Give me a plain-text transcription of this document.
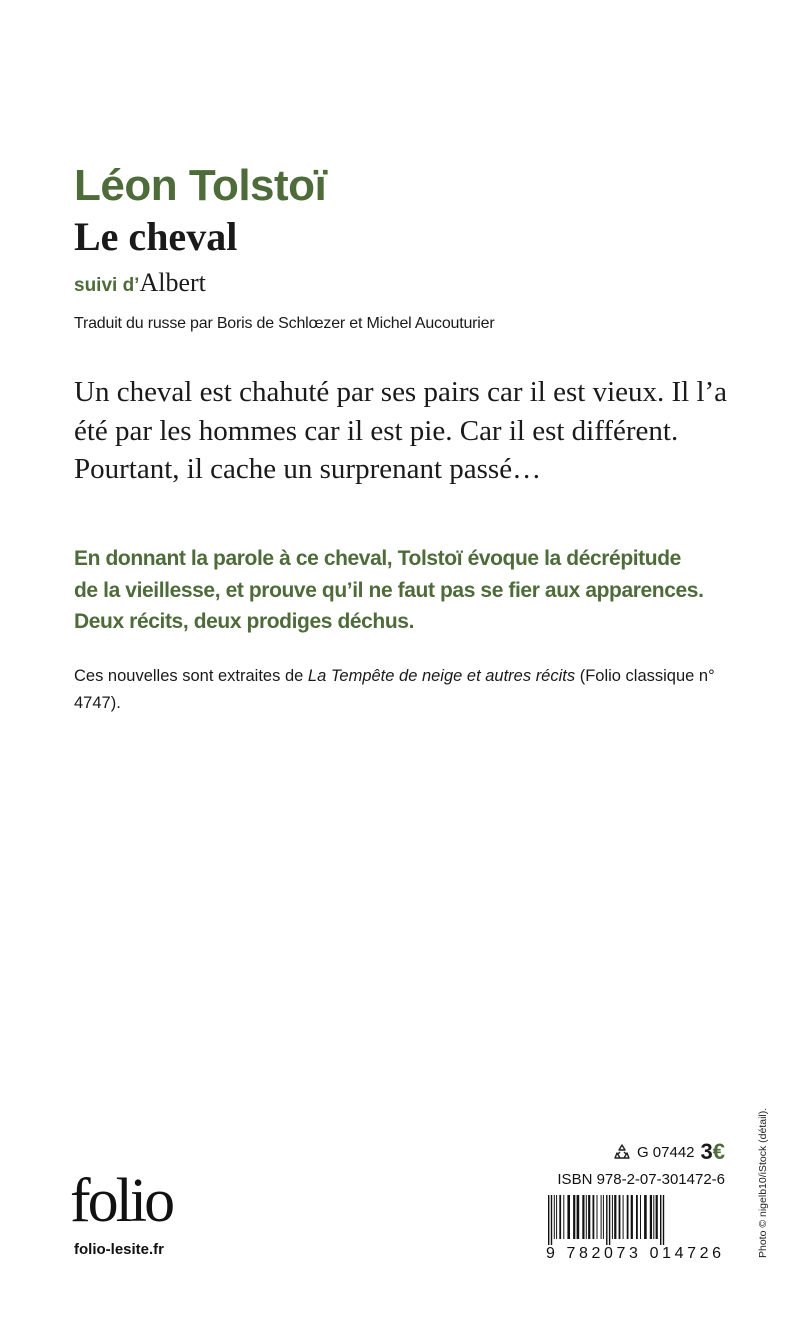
Léon Tolstoï
Le cheval
suivi d’Albert
Traduit du russe par Boris de Schlœzer et Michel Aucouturier

Un cheval est chahuté par ses pairs car il est vieux. Il l’a
été par les hommes car il est pie. Car il est différent.
Pourtant, il cache un surprenant passé…

En donnant la parole à ce cheval, Tolstoï évoque la décrépitude
de la vieillesse, et prouve qu’il ne faut pas se fier aux apparences.
Deux récits, deux prodiges déchus.

Ces nouvelles sont extraites de La Tempête de neige et autres récits (Folio classique n° 4747).

folio
folio-lesite.fr
G 07442 3€
ISBN 978-2-07-301472-6
9 782073 014726	Photo © nigelb10/iStock (détail).
